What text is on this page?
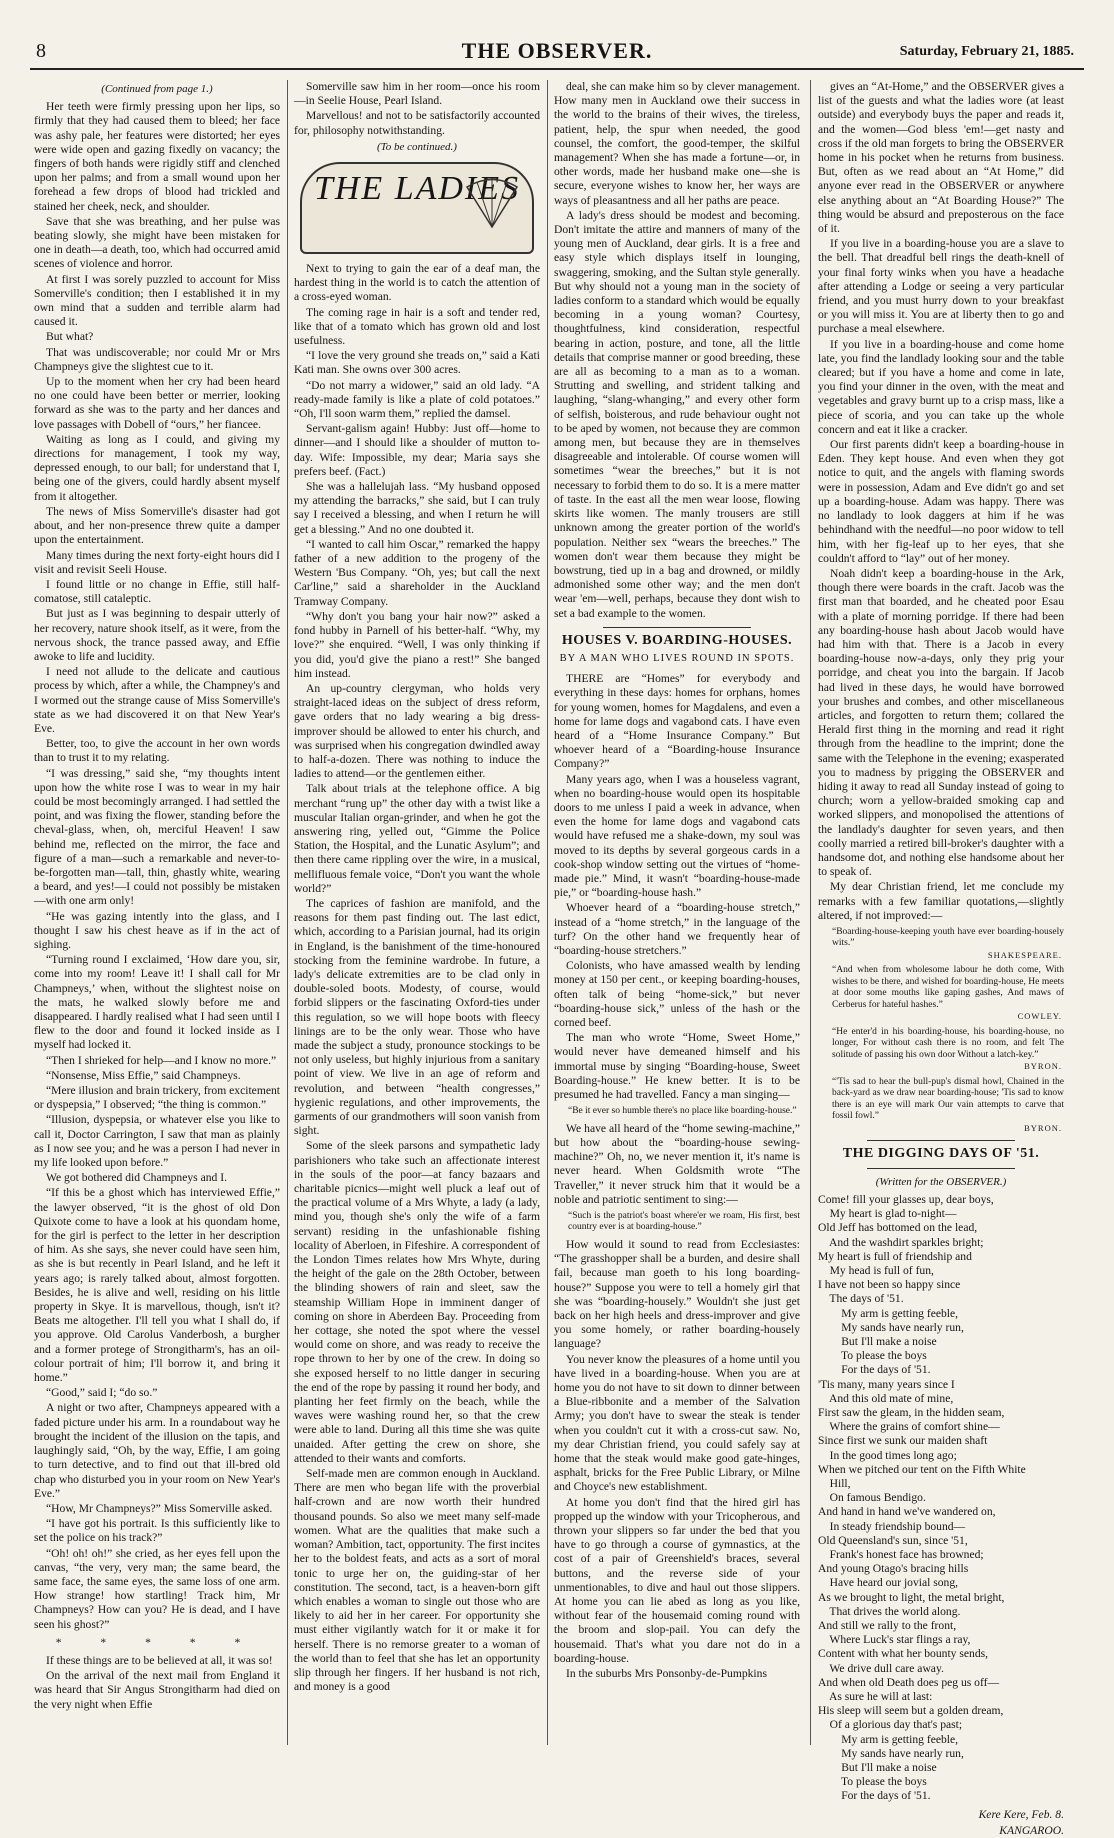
8	THE OBSERVER.	Saturday, February 21, 1885.
(Continued from page 1.)

Her teeth were firmly pressing upon her lips, so firmly that they had caused them to bleed; her face was ashy pale, her features were distorted; her eyes were wide open and gazing fixedly on vacancy; the fingers of both hands were rigidly stiff and clenched upon her palms; and from a small wound upon her forehead a few drops of blood had trickled and stained her cheek, neck, and shoulder.

Save that she was breathing, and her pulse was beating slowly, she might have been mistaken for one in death—a death, too, which had occurred amid scenes of violence and horror.

At first I was sorely puzzled to account for Miss Somerville's condition; then I established it in my own mind that a sudden and terrible alarm had caused it.

But what?

That was undiscoverable; nor could Mr or Mrs Champneys give the slightest cue to it.

Up to the moment when her cry had been heard no one could have been better or merrier, looking forward as she was to the party and her dances and love passages with Dobell of “ours,” her fiancee.

Waiting as long as I could, and giving my directions for management, I took my way, depressed enough, to our ball; for understand that I, being one of the givers, could hardly absent myself from it altogether.

The news of Miss Somerville's disaster had got about, and her non-presence threw quite a damper upon the entertainment.

Many times during the next forty-eight hours did I visit and revisit Seeli House.

I found little or no change in Effie, still half-comatose, still cataleptic.

But just as I was beginning to despair utterly of her recovery, nature shook itself, as it were, from the nervous shock, the trance passed away, and Effie awoke to life and lucidity.

I need not allude to the delicate and cautious process by which, after a while, the Champney's and I wormed out the strange cause of Miss Somerville's state as we had discovered it on that New Year's Eve.

Better, too, to give the account in her own words than to trust it to my relating.

“I was dressing,” said she, “my thoughts intent upon how the white rose I was to wear in my hair could be most becomingly arranged. I had settled the point, and was fixing the flower, standing before the cheval-glass, when, oh, merciful Heaven! I saw behind me, reflected on the mirror, the face and figure of a man—such a remarkable and never-to-be-forgotten man—tall, thin, ghastly white, wearing a beard, and yes!—I could not possibly be mistaken—with one arm only!

“He was gazing intently into the glass, and I thought I saw his chest heave as if in the act of sighing.

“Turning round I exclaimed, ‘How dare you, sir, come into my room! Leave it! I shall call for Mr Champneys,’ when, without the slightest noise on the mats, he walked slowly before me and disappeared. I hardly realised what I had seen until I flew to the door and found it locked inside as I myself had locked it.

“Then I shrieked for help—and I know no more.”

“Nonsense, Miss Effie,” said Champneys.

“Mere illusion and brain trickery, from excitement or dyspepsia,” I observed; “the thing is common.”

“Illusion, dyspepsia, or whatever else you like to call it, Doctor Carrington, I saw that man as plainly as I now see you; and he was a person I had never in my life looked upon before.”

We got bothered did Champneys and I.

“If this be a ghost which has interviewed Effie,” the lawyer observed, “it is the ghost of old Don Quixote come to have a look at his quondam home, for the girl is perfect to the letter in her description of him. As she says, she never could have seen him, as she is but recently in Pearl Island, and he left it years ago; is rarely talked about, almost forgotten. Besides, he is alive and well, residing on his little property in Skye. It is marvellous, though, isn't it? Beats me altogether. I'll tell you what I shall do, if you approve. Old Carolus Vanderbosh, a burgher and a former protege of Strongitharm's, has an oil-colour portrait of him; I'll borrow it, and bring it home.”

“Good,” said I; “do so.”

A night or two after, Champneys appeared with a faded picture under his arm. In a roundabout way he brought the incident of the illusion on the tapis, and laughingly said, “Oh, by the way, Effie, I am going to turn detective, and to find out that ill-bred old chap who disturbed you in your room on New Year's Eve.”

“How, Mr Champneys?” Miss Somerville asked.

“I have got his portrait. Is this sufficiently like to set the police on his track?”

“Oh! oh! oh!” she cried, as her eyes fell upon the canvas, “the very, very man; the same beard, the same face, the same eyes, the same loss of one arm. How strange! how startling! Track him, Mr Champneys? How can you? He is dead, and I have seen his ghost?”

* * * * *

If these things are to be believed at all, it was so!

On the arrival of the next mail from England it was heard that Sir Angus Strongitharm had died on the very night when Effie

Somerville saw him in her room—once his room—in Seelie House, Pearl Island.

Marvellous! and not to be satisfactorily accounted for, philosophy notwithstanding.

(To be continued.)
THE LADIES

Next to trying to gain the ear of a deaf man, the hardest thing in the world is to catch the attention of a cross-eyed woman.

The coming rage in hair is a soft and tender red, like that of a tomato which has grown old and lost usefulness.

“I love the very ground she treads on,” said a Kati Kati man. She owns over 300 acres.

“Do not marry a widower,” said an old lady. “A ready-made family is like a plate of cold potatoes.” “Oh, I'll soon warm them,” replied the damsel.

Servant-galism again! Hubby: Just off—home to dinner—and I should like a shoulder of mutton to-day. Wife: Impossible, my dear; Maria says she prefers beef. (Fact.)

She was a hallelujah lass. “My husband opposed my attending the barracks,” she said, but I can truly say I received a blessing, and when I return he will get a blessing.” And no one doubted it.

“I wanted to call him Oscar,” remarked the happy father of a new addition to the progeny of the Western 'Bus Company. “Oh, yes; but call the next Car'line,” said a shareholder in the Auckland Tramway Company.

“Why don't you bang your hair now?” asked a fond hubby in Parnell of his better-half. “Why, my love?” she enquired. “Well, I was only thinking if you did, you'd give the piano a rest!” She banged him instead.

An up-country clergyman, who holds very straight-laced ideas on the subject of dress reform, gave orders that no lady wearing a big dress-improver should be allowed to enter his church, and was surprised when his congregation dwindled away to half-a-dozen. There was nothing to induce the ladies to attend—or the gentlemen either.

Talk about trials at the telephone office. A big merchant “rung up” the other day with a twist like a muscular Italian organ-grinder, and when he got the answering ring, yelled out, “Gimme the Police Station, the Hospital, and the Lunatic Asylum”; and then there came rippling over the wire, in a musical, mellifluous female voice, “Don't you want the whole world?”

The caprices of fashion are manifold, and the reasons for them past finding out. The last edict, which, according to a Parisian journal, had its origin in England, is the banishment of the time-honoured stocking from the feminine wardrobe. In future, a lady's delicate extremities are to be clad only in double-soled boots. Modesty, of course, would forbid slippers or the fascinating Oxford-ties under this regulation, so we will hope boots with fleecy linings are to be the only wear. Those who have made the subject a study, pronounce stockings to be not only useless, but highly injurious from a sanitary point of view. We live in an age of reform and revolution, and between “health congresses,” hygienic regulations, and other improvements, the garments of our grandmothers will soon vanish from sight.

Some of the sleek parsons and sympathetic lady parishioners who take such an affectionate interest in the souls of the poor—at fancy bazaars and charitable picnics—might well pluck a leaf out of the practical volume of a Mrs Whyte, a lady (a lady, mind you, though she's only the wife of a farm servant) residing in the unfashionable fishing locality of Aberloen, in Fifeshire. A correspondent of the London Times relates how Mrs Whyte, during the height of the gale on the 28th October, between the blinding showers of rain and sleet, saw the steamship William Hope in imminent danger of coming on shore in Aberdeen Bay. Proceeding from her cottage, she noted the spot where the vessel would come on shore, and was ready to receive the rope thrown to her by one of the crew. In doing so she exposed herself to no little danger in securing the end of the rope by passing it round her body, and planting her feet firmly on the beach, while the waves were washing round her, so that the crew were able to land. During all this time she was quite unaided. After getting the crew on shore, she attended to their wants and comforts.

Self-made men are common enough in Auckland. There are men who began life with the proverbial half-crown and are now worth their hundred thousand pounds. So also we meet many self-made women. What are the qualities that make such a woman? Ambition, tact, opportunity. The first incites her to the boldest feats, and acts as a sort of moral tonic to urge her on, the guiding-star of her constitution. The second, tact, is a heaven-born gift which enables a woman to single out those who are likely to aid her in her career. For opportunity she must either vigilantly watch for it or make it for herself. There is no remorse greater to a woman of the world than to feel that she has let an opportunity slip through her fingers. If her husband is not rich, and money is a good

deal, she can make him so by clever management. How many men in Auckland owe their success in the world to the brains of their wives, the tireless, patient, help, the spur when needed, the good counsel, the comfort, the good-temper, the skilful management? When she has made a fortune—or, in other words, made her husband make one—she is secure, everyone wishes to know her, her ways are ways of pleasantness and all her paths are peace.

A lady's dress should be modest and becoming. Don't imitate the attire and manners of many of the young men of Auckland, dear girls. It is a free and easy style which displays itself in lounging, swaggering, smoking, and the Sultan style generally. But why should not a young man in the society of ladies conform to a standard which would be equally becoming in a young woman? Courtesy, thoughtfulness, kind consideration, respectful bearing in action, posture, and tone, all the little details that comprise manner or good breeding, these are all as becoming to a man as to a woman. Strutting and swelling, and strident talking and laughing, “slang-whanging,” and every other form of selfish, boisterous, and rude behaviour ought not to be aped by women, not because they are common among men, but because they are in themselves disagreeable and intolerable. Of course women will sometimes “wear the breeches,” but it is not necessary to forbid them to do so. It is a mere matter of taste. In the east all the men wear loose, flowing skirts like women. The manly trousers are still unknown among the greater portion of the world's population. Neither sex “wears the breeches.” The women don't wear them because they might be bowstrung, tied up in a bag and drowned, or mildly admonished some other way; and the men don't wear 'em—well, perhaps, because they dont wish to set a bad example to the women.

HOUSES V. BOARDING-HOUSES.
BY A MAN WHO LIVES ROUND IN SPOTS.

THERE are “Homes” for everybody and everything in these days: homes for orphans, homes for young women, homes for Magdalens, and even a home for lame dogs and vagabond cats. I have even heard of a “Home Insurance Company.” But whoever heard of a “Boarding-house Insurance Company?”

Many years ago, when I was a houseless vagrant, when no boarding-house would open its hospitable doors to me unless I paid a week in advance, when even the home for lame dogs and vagabond cats would have refused me a shake-down, my soul was moved to its depths by several gorgeous cards in a cook-shop window setting out the virtues of “home-made pie.” Mind, it wasn't “boarding-house-made pie,” or “boarding-house hash.”

Whoever heard of a “boarding-house stretch,” instead of a “home stretch,” in the language of the turf? On the other hand we frequently hear of “boarding-house stretchers.”

Colonists, who have amassed wealth by lending money at 150 per cent., or keeping boarding-houses, often talk of being “home-sick,” but never “boarding-house sick,” unless of the hash or the corned beef.

The man who wrote “Home, Sweet Home,” would never have demeaned himself and his immortal muse by singing “Boarding-house, Sweet Boarding-house.” He knew better. It is to be presumed he had travelled. Fancy a man singing—

“Be it ever so humble there's no place like boarding-house.”

We have all heard of the “home sewing-machine,” but how about the “boarding-house sewing-machine?” Oh, no, we never mention it, it's name is never heard. When Goldsmith wrote “The Traveller,” it never struck him that it would be a noble and patriotic sentiment to sing:—

“Such is the patriot's boast where'er we roam, His first, best country ever is at boarding-house.”

How would it sound to read from Ecclesiastes: “The grasshopper shall be a burden, and desire shall fail, because man goeth to his long boarding-house?” Suppose you were to tell a homely girl that she was “boarding-housely.” Wouldn't she just get back on her high heels and dress-improver and give you some homely, or rather boarding-housely language?

You never know the pleasures of a home until you have lived in a boarding-house. When you are at home you do not have to sit down to dinner between a Blue-ribbonite and a member of the Salvation Army; you don't have to swear the steak is tender when you couldn't cut it with a cross-cut saw. No, my dear Christian friend, you could safely say at home that the steak would make good gate-hinges, asphalt, bricks for the Free Public Library, or Milne and Choyce's new establishment.

At home you don't find that the hired girl has propped up the window with your Tricopherous, and thrown your slippers so far under the bed that you have to go through a course of gymnastics, at the cost of a pair of Greenshield's braces, several buttons, and the reverse side of your unmentionables, to dive and haul out those slippers. At home you can lie abed as long as you like, without fear of the housemaid coming round with the broom and slop-pail. You can defy the housemaid. That's what you dare not do in a boarding-house.

In the suburbs Mrs Ponsonby-de-Pumpkins

gives an “At-Home,” and the OBSERVER gives a list of the guests and what the ladies wore (at least outside) and everybody buys the paper and reads it, and the women—God bless 'em!—get nasty and cross if the old man forgets to bring the OBSERVER home in his pocket when he returns from business. But, often as we read about an “At Home,” did anyone ever read in the OBSERVER or anywhere else anything about an “At Boarding House?” The thing would be absurd and preposterous on the face of it.

If you live in a boarding-house you are a slave to the bell. That dreadful bell rings the death-knell of your final forty winks when you have a headache after attending a Lodge or seeing a very particular friend, and you must hurry down to your breakfast or you will miss it. You are at liberty then to go and purchase a meal elsewhere.

If you live in a boarding-house and come home late, you find the landlady looking sour and the table cleared; but if you have a home and come in late, you find your dinner in the oven, with the meat and vegetables and gravy burnt up to a crisp mass, like a piece of scoria, and you can take up the whole concern and eat it like a cracker.

Our first parents didn't keep a boarding-house in Eden. They kept house. And even when they got notice to quit, and the angels with flaming swords were in possession, Adam and Eve didn't go and set up a boarding-house. Adam was happy. There was no landlady to look daggers at him if he was behindhand with the needful—no poor widow to tell him, with her fig-leaf up to her eyes, that she couldn't afford to “lay” out of her money.

Noah didn't keep a boarding-house in the Ark, though there were boards in the craft. Jacob was the first man that boarded, and he cheated poor Esau with a plate of morning porridge. If there had been any boarding-house hash about Jacob would have had him with that. There is a Jacob in every boarding-house now-a-days, only they prig your porridge, and cheat you into the bargain. If Jacob had lived in these days, he would have borrowed your brushes and combes, and other miscellaneous articles, and forgotten to return them; collared the Herald first thing in the morning and read it right through from the headline to the imprint; done the same with the Telephone in the evening; exasperated you to madness by prigging the OBSERVER and hiding it away to read all Sunday instead of going to church; worn a yellow-braided smoking cap and worked slippers, and monopolised the attentions of the landlady's daughter for seven years, and then coolly married a retired bill-broker's daughter with a handsome dot, and nothing else handsome about her to speak of.

My dear Christian friend, let me conclude my remarks with a few familiar quotations,—slightly altered, if not improved:—

“Boarding-house-keeping youth have ever boarding-housely wits.”
SHAKESPEARE.
“And when from wholesome labour he doth come, With wishes to be there, and wished for boarding-house, He meets at door some mouths like gaping gashes, And maws of Cerberus for hateful hashes.”
COWLEY.
“He enter'd in his boarding-house, his boarding-house, no longer, For without cash there is no room, and felt The solitude of passing his own door Without a latch-key.”
BYRON.
“'Tis sad to hear the bull-pup's dismal howl, Chained in the back-yard as we draw near boarding-house; 'Tis sad to know there is an eye will mark Our vain attempts to carve that fossil fowl.”
BYRON.
THE DIGGING DAYS OF '51.
(Written for the OBSERVER.)
Come! fill your glasses up, dear boys,
My heart is glad to-night—
Old Jeff has bottomed on the lead,
And the washdirt sparkles bright;
My heart is full of friendship and
My head is full of fun,
I have not been so happy since
The days of '51.
My arm is getting feeble,
My sands have nearly run,
But I'll make a noise
To please the boys
For the days of '51.
'Tis many, many years since I
And this old mate of mine,
First saw the gleam, in the hidden seam,
Where the grains of comfort shine—
Since first we sunk our maiden shaft
In the good times long ago;
When we pitched our tent on the Fifth White
Hill,
On famous Bendigo.
And hand in hand we've wandered on,
In steady friendship bound—
Old Queensland's sun, since '51,
Frank's honest face has browned;
And young Otago's bracing hills
Have heard our jovial song,
As we brought to light, the metal bright,
That drives the world along.
And still we rally to the front,
Where Luck's star flings a ray,
Content with what her bounty sends,
We drive dull care away.
And when old Death does peg us off—
As sure he will at last:
His sleep will seem but a golden dream,
Of a glorious day that's past;
My arm is getting feeble,
My sands have nearly run,
But I'll make a noise
To please the boys
For the days of '51.
Kere Kere, Feb. 8.
KANGAROO.
